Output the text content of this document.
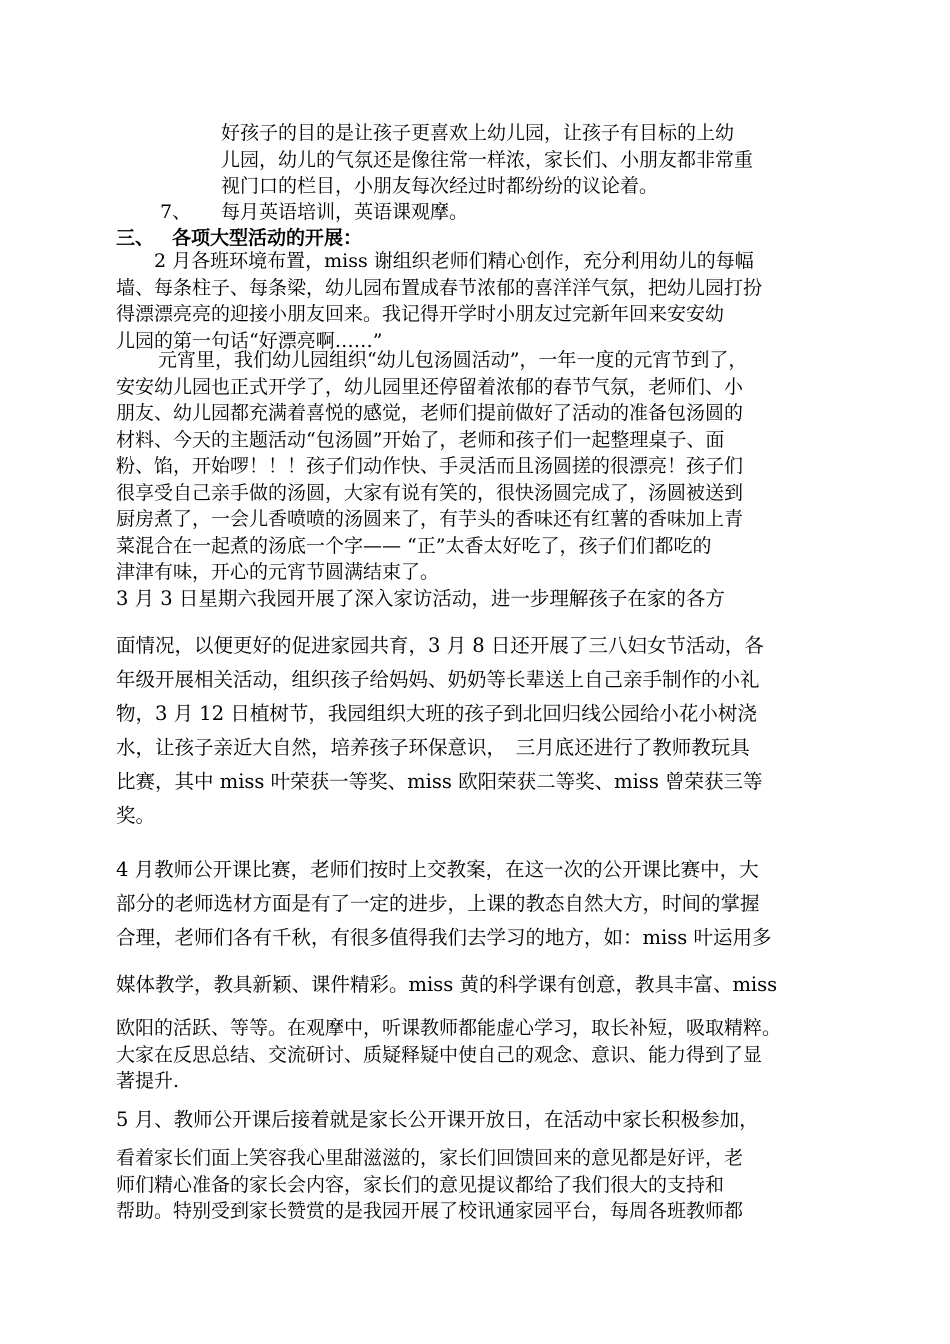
好孩子的目的是让孩子更喜欢上幼儿园，让孩子有目标的上幼
儿园，幼儿的气氛还是像往常一样浓，家长们、小朋友都非常重
视门口的栏目，小朋友每次经过时都纷纷的议论着。
7、 每月英语培训，英语课观摩。
三、 各项大型活动的开展：
2 月各班环境布置，miss 谢组织老师们精心创作，充分利用幼儿的每幅
墙、每条柱子、每条梁，幼儿园布置成春节浓郁的喜洋洋气氛，把幼儿园打扮
得漂漂亮亮的迎接小朋友回来。我记得开学时小朋友过完新年回来安安幼
儿园的第一句话“好漂亮啊……”
元宵里，我们幼儿园组织“幼儿包汤圆活动”，一年一度的元宵节到了，
安安幼儿园也正式开学了，幼儿园里还停留着浓郁的春节气氛，老师们、小
朋友、幼儿园都充满着喜悦的感觉，老师们提前做好了活动的准备包汤圆的
材料、今天的主题活动“包汤圆”开始了，老师和孩子们一起整理桌子、面
粉、馅，开始啰！！！孩子们动作快、手灵活而且汤圆搓的很漂亮！孩子们
很享受自己亲手做的汤圆，大家有说有笑的，很快汤圆完成了，汤圆被送到
厨房煮了，一会儿香喷喷的汤圆来了，有芋头的香味还有红薯的香味加上青
菜混合在一起煮的汤底一个字—— “正”太香太好吃了，孩子们们都吃的
津津有味，开心的元宵节圆满结束了。
3 月 3 日星期六我园开展了深入家访活动，进一步理解孩子在家的各方
面情况，以便更好的促进家园共育，3 月 8 日还开展了三八妇女节活动，各
年级开展相关活动，组织孩子给妈妈、奶奶等长辈送上自己亲手制作的小礼
物，3 月 12 日植树节，我园组织大班的孩子到北回归线公园给小花小树浇
水，让孩子亲近大自然，培养孩子环保意识，　三月底还进行了教师教玩具
比赛，其中 miss 叶荣获一等奖、miss 欧阳荣获二等奖、miss 曾荣获三等
奖。
4 月教师公开课比赛，老师们按时上交教案，在这一次的公开课比赛中，大
部分的老师选材方面是有了一定的进步，上课的教态自然大方，时间的掌握
合理，老师们各有千秋，有很多值得我们去学习的地方，如：miss 叶运用多
媒体教学，教具新颖、课件精彩。miss 黄的科学课有创意，教具丰富、miss
欧阳的活跃、等等。在观摩中，听课教师都能虚心学习，取长补短，吸取精粹。
大家在反思总结、交流研讨、质疑释疑中使自己的观念、意识、能力得到了显
著提升.
5 月、教师公开课后接着就是家长公开课开放日，在活动中家长积极参加，
看着家长们面上笑容我心里甜滋滋的，家长们回馈回来的意见都是好评，老
师们精心准备的家长会内容，家长们的意见提议都给了我们很大的支持和
帮助。特别受到家长赞赏的是我园开展了校讯通家园平台，每周各班教师都
